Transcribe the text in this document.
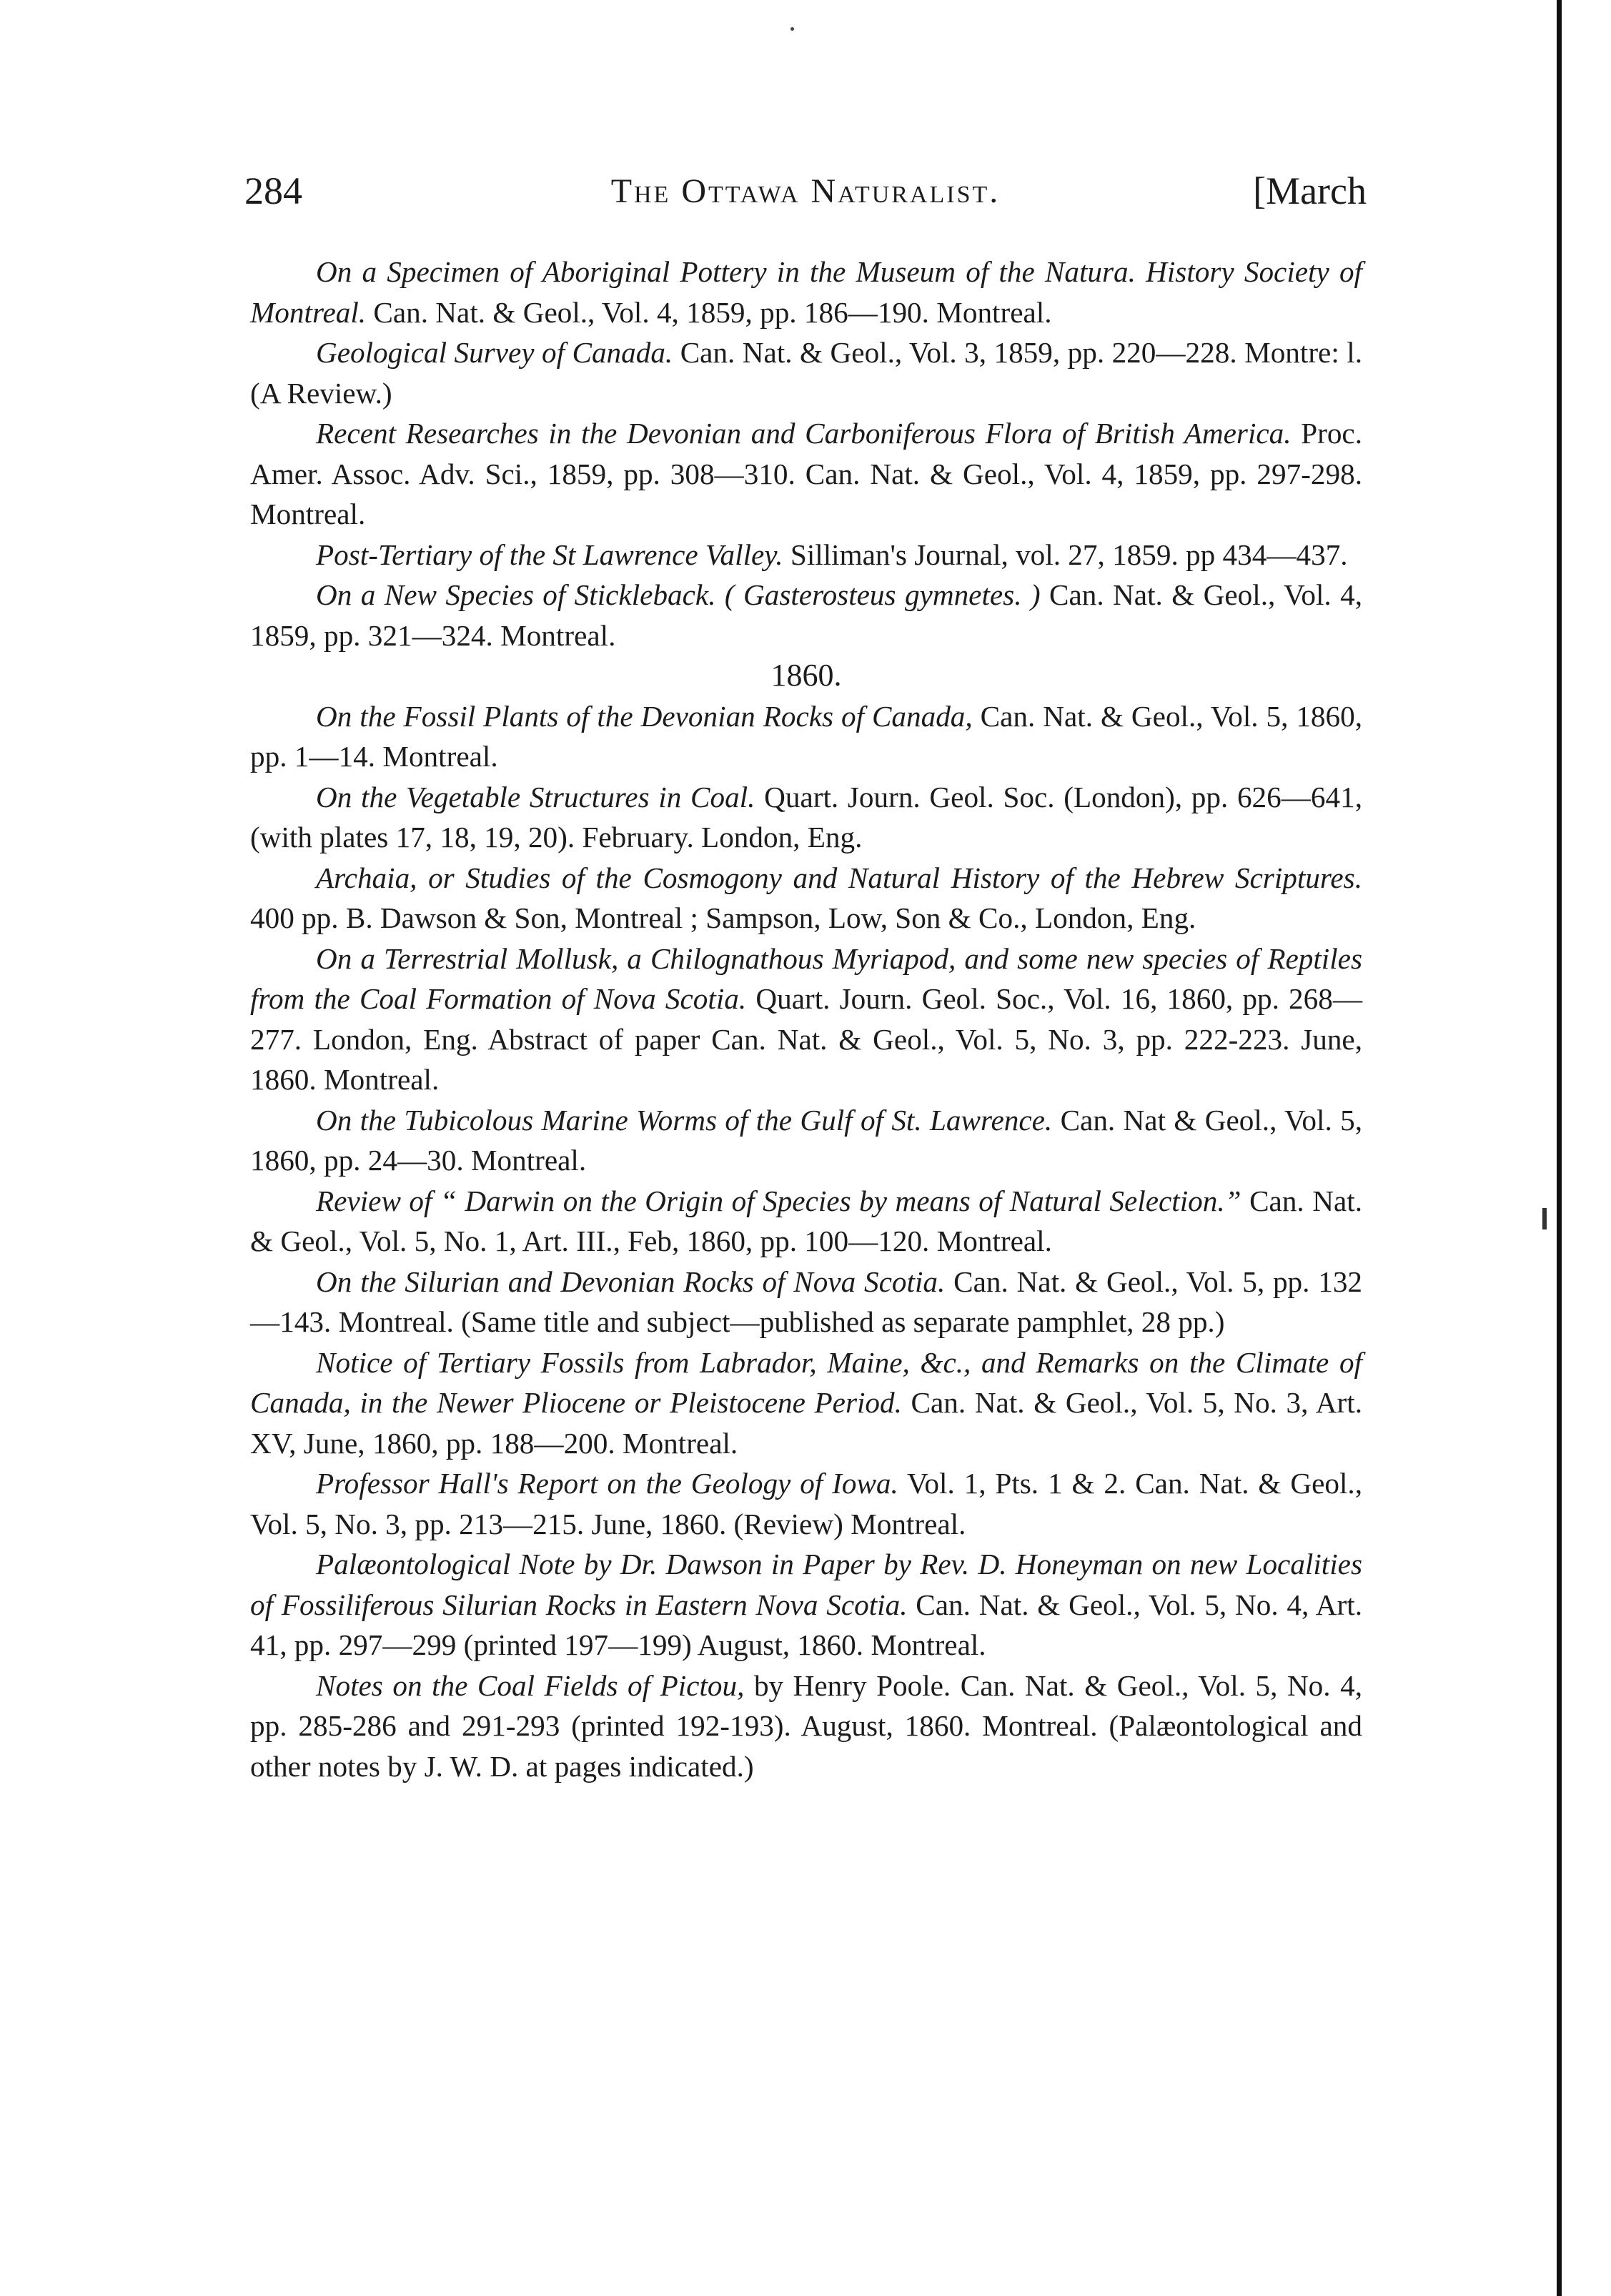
284	The Ottawa Naturalist.	[March

On a Specimen of Aboriginal Pottery in the Museum of the Natura. History Society of Montreal. Can. Nat. & Geol., Vol. 4, 1859, pp. 186—190. Montreal.

Geological Survey of Canada. Can. Nat. & Geol., Vol. 3, 1859, pp. 220—228. Montre: l. (A Review.)

Recent Researches in the Devonian and Carboniferous Flora of British America. Proc. Amer. Assoc. Adv. Sci., 1859, pp. 308—310. Can. Nat. & Geol., Vol. 4, 1859, pp. 297-298. Montreal.

Post-Tertiary of the St Lawrence Valley. Silliman's Journal, vol. 27, 1859. pp 434—437.

On a New Species of Stickleback. ( Gasterosteus gymnetes. ) Can. Nat. & Geol., Vol. 4, 1859, pp. 321—324. Montreal.

1860.

On the Fossil Plants of the Devonian Rocks of Canada, Can. Nat. & Geol., Vol. 5, 1860, pp. 1—14. Montreal.

On the Vegetable Structures in Coal. Quart. Journ. Geol. Soc. (London), pp. 626—641, (with plates 17, 18, 19, 20). February. London, Eng.

Archaia, or Studies of the Cosmogony and Natural History of the Hebrew Scriptures. 400 pp. B. Dawson & Son, Montreal ; Sampson, Low, Son & Co., London, Eng.

On a Terrestrial Mollusk, a Chilognathous Myriapod, and some new species of Reptiles from the Coal Formation of Nova Scotia. Quart. Journ. Geol. Soc., Vol. 16, 1860, pp. 268—277. London, Eng. Abstract of paper Can. Nat. & Geol., Vol. 5, No. 3, pp. 222-223. June, 1860. Montreal.

On the Tubicolous Marine Worms of the Gulf of St. Lawrence. Can. Nat & Geol., Vol. 5, 1860, pp. 24—30. Montreal.

Review of “ Darwin on the Origin of Species by means of Natural Selection.” Can. Nat. & Geol., Vol. 5, No. 1, Art. III., Feb, 1860, pp. 100—120. Montreal.

On the Silurian and Devonian Rocks of Nova Scotia. Can. Nat. & Geol., Vol. 5, pp. 132—143. Montreal. (Same title and subject—published as separate pamphlet, 28 pp.)

Notice of Tertiary Fossils from Labrador, Maine, &c., and Remarks on the Climate of Canada, in the Newer Pliocene or Pleistocene Period. Can. Nat. & Geol., Vol. 5, No. 3, Art. XV, June, 1860, pp. 188—200. Montreal.

Professor Hall's Report on the Geology of Iowa. Vol. 1, Pts. 1 & 2. Can. Nat. & Geol., Vol. 5, No. 3, pp. 213—215. June, 1860. (Review) Montreal.

Palæontological Note by Dr. Dawson in Paper by Rev. D. Honeyman on new Localities of Fossiliferous Silurian Rocks in Eastern Nova Scotia. Can. Nat. & Geol., Vol. 5, No. 4, Art. 41, pp. 297—299 (printed 197—199) August, 1860. Montreal.

Notes on the Coal Fields of Pictou, by Henry Poole. Can. Nat. & Geol., Vol. 5, No. 4, pp. 285-286 and 291-293 (printed 192-193). August, 1860. Montreal. (Palæontological and other notes by J. W. D. at pages indicated.)
